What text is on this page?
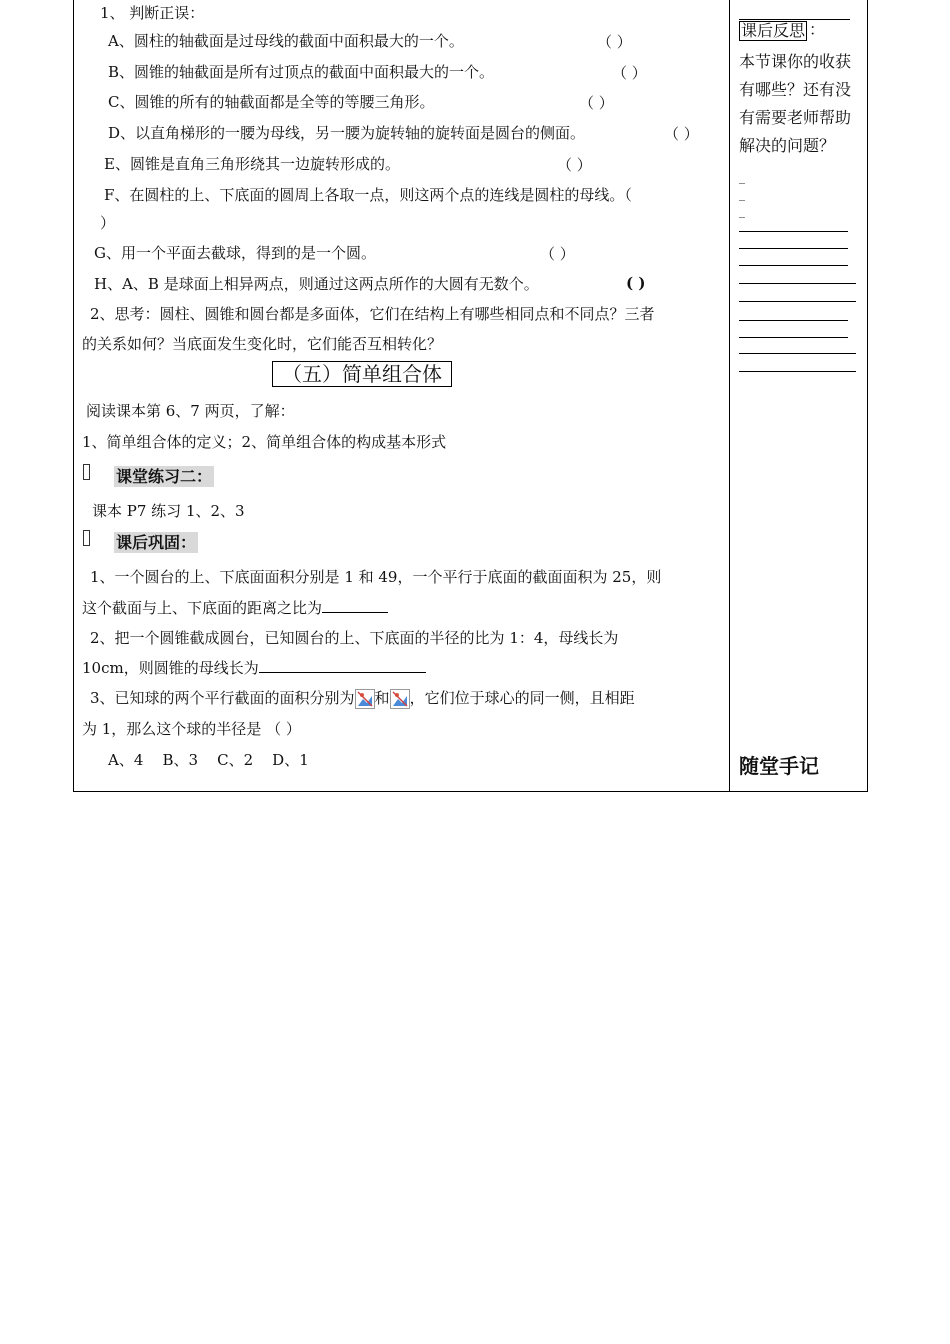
1、 判断正误：
A、圆柱的轴截面是过母线的截面中面积最大的一个。	（ ）
B、圆锥的轴截面是所有过顶点的截面中面积最大的一个。	（ ）
C、圆锥的所有的轴截面都是全等的等腰三角形。	（ ）
D、以直角梯形的一腰为母线，另一腰为旋转轴的旋转面是圆台的侧面。	（ ）
E、圆锥是直角三角形绕其一边旋转形成的。	（ ）
F、在圆柱的上、下底面的圆周上各取一点，则这两个点的连线是圆柱的母线。（
）
G、用一个平面去截球，得到的是一个圆。	（ ）
H、A、B 是球面上相异两点，则通过这两点所作的大圆有无数个。	( )
2、思考：圆柱、圆锥和圆台都是多面体，它们在结构上有哪些相同点和不同点？三者
的关系如何？当底面发生变化时，它们能否互相转化？
阅读课本第 6、7 两页，了解：
1、简单组合体的定义；2、简单组合体的构成基本形式
课堂练习二：
课本 P7 练习 1、2、3
课后巩固：
1、一个圆台的上、下底面面积分别是 1 和 49，一个平行于底面的截面面积为 25，则
这个截面与上、下底面的距离之比为
2、把一个圆锥截成圆台，已知圆台的上、下底面的半径的比为 1：4，母线长为
10cm，则圆锥的母线长为
3、已知球的两个平行截面的面积分别为 和 ，它们位于球心的同一侧，且相距
为 1，那么这个球的半径是 （ ）
A、4    B、3    C、2    D、1
（五）简单组合体
课后反思 ：
本节课你的收获有哪些？还有没有需要老师帮助解决的问题？
_
_
_
随堂手记
